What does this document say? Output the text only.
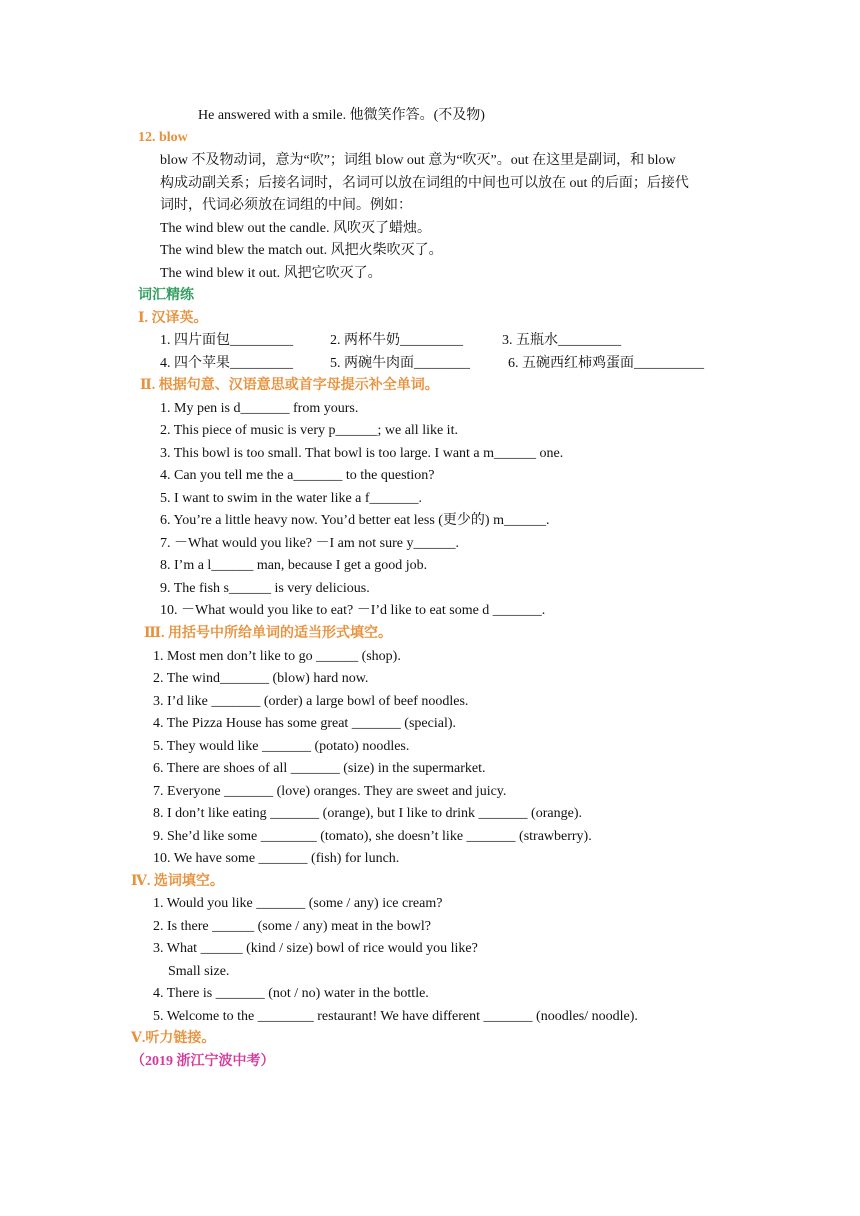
He answered with a smile. 他微笑作答。(不及物)
12. blow
blow 不及物动词，意为“吹”；词组 blow out 意为“吹灭”。out 在这里是副词，和 blow
构成动副关系；后接名词时，名词可以放在词组的中间也可以放在 out 的后面；后接代
词时，代词必须放在词组的中间。例如：
The wind blew out the candle. 风吹灭了蜡烛。
The wind blew the match out. 风把火柴吹灭了。
The wind blew it out. 风把它吹灭了。
词汇精练
Ⅰ. 汉译英。
1. 四片面包_________	2. 两杯牛奶_________	3. 五瓶水_________
4. 四个苹果_________	5. 两碗牛肉面________	6. 五碗西红柿鸡蛋面__________
Ⅱ. 根据句意、汉语意思或首字母提示补全单词。
1. My pen is d_______ from yours.
2. This piece of music is very p______; we all like it.
3. This bowl is too small. That bowl is too large. I want a m______ one.
4. Can you tell me the a_______ to the question?
5. I want to swim in the water like a f_______.
6. You’re a little heavy now. You’d better eat less (更少的) m______.
7. －What would you like? －I am not sure y______.
8. I’m a l______ man, because I get a good job.
9. The fish s______ is very delicious.
10. －What would you like to eat? －I’d like to eat some d _______.
Ⅲ. 用括号中所给单词的适当形式填空。
1. Most men don’t like to go ______ (shop).
2. The wind_______ (blow) hard now.
3. I’d like _______ (order) a large bowl of beef noodles.
4. The Pizza House has some great _______ (special).
5. They would like _______ (potato) noodles.
6. There are shoes of all _______ (size) in the supermarket.
7. Everyone _______ (love) oranges. They are sweet and juicy.
8. I don’t like eating _______ (orange), but I like to drink _______ (orange).
9. She’d like some ________ (tomato), she doesn’t like _______ (strawberry).
10. We have some _______ (fish) for lunch.
Ⅳ. 选词填空。
1. Would you like _______ (some / any) ice cream?
2. Is there ______ (some / any) meat in the bowl?
3. What ______ (kind / size) bowl of rice would you like?
Small size.
4. There is _______ (not / no) water in the bottle.
5. Welcome to the ________ restaurant! We have different _______ (noodles/ noodle).
Ⅴ.听力链接。
（2019 浙江宁波中考）
